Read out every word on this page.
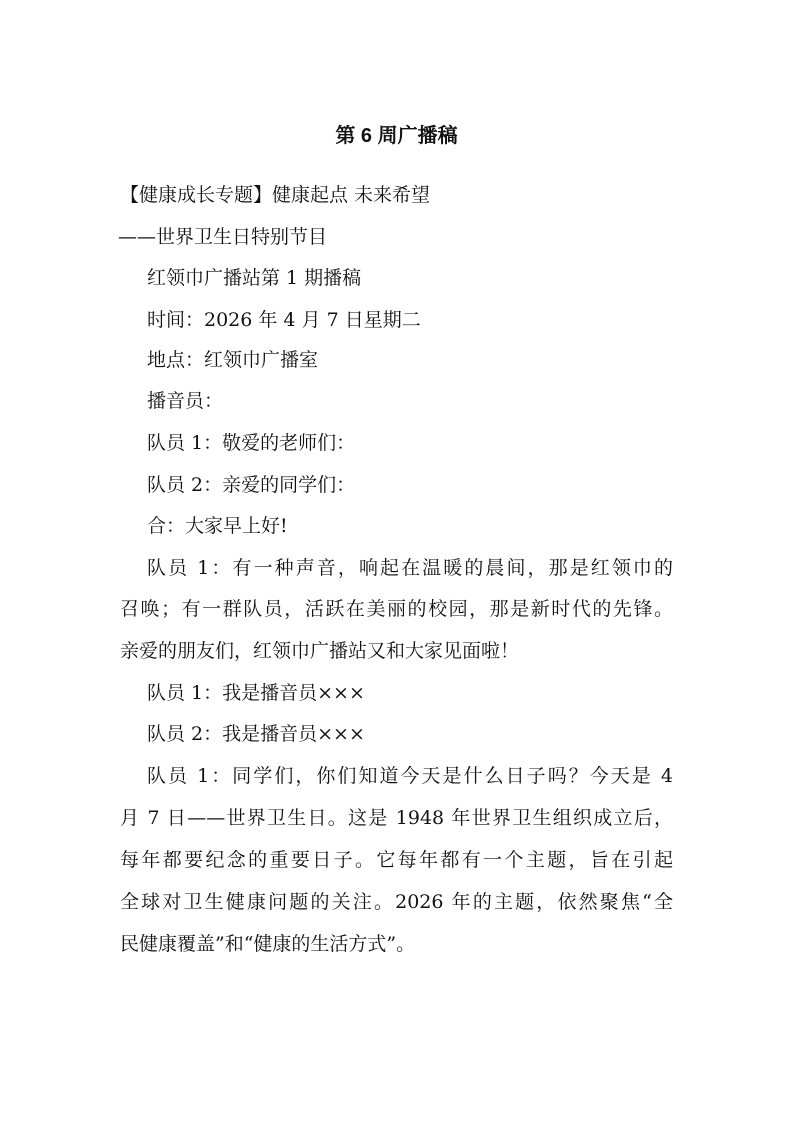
第 6 周广播稿
【健康成长专题】健康起点 未来希望
——世界卫生日特别节目
红领巾广播站第 1 期播稿
时间：2026 年 4 月 7 日星期二
地点：红领巾广播室
播音员：
队员 1：敬爱的老师们：
队员 2：亲爱的同学们：
合：大家早上好!
队员 1：有一种声音，响起在温暖的晨间，那是红领巾的
召唤；有一群队员，活跃在美丽的校园，那是新时代的先锋。
亲爱的朋友们，红领巾广播站又和大家见面啦！
队员 1：我是播音员×××
队员 2：我是播音员×××
队员 1：同学们，你们知道今天是什么日子吗？今天是 4
月 7 日——世界卫生日。这是 1948 年世界卫生组织成立后，
每年都要纪念的重要日子。它每年都有一个主题，旨在引起
全球对卫生健康问题的关注。2026 年的主题，依然聚焦“全
民健康覆盖”和“健康的生活方式”。
